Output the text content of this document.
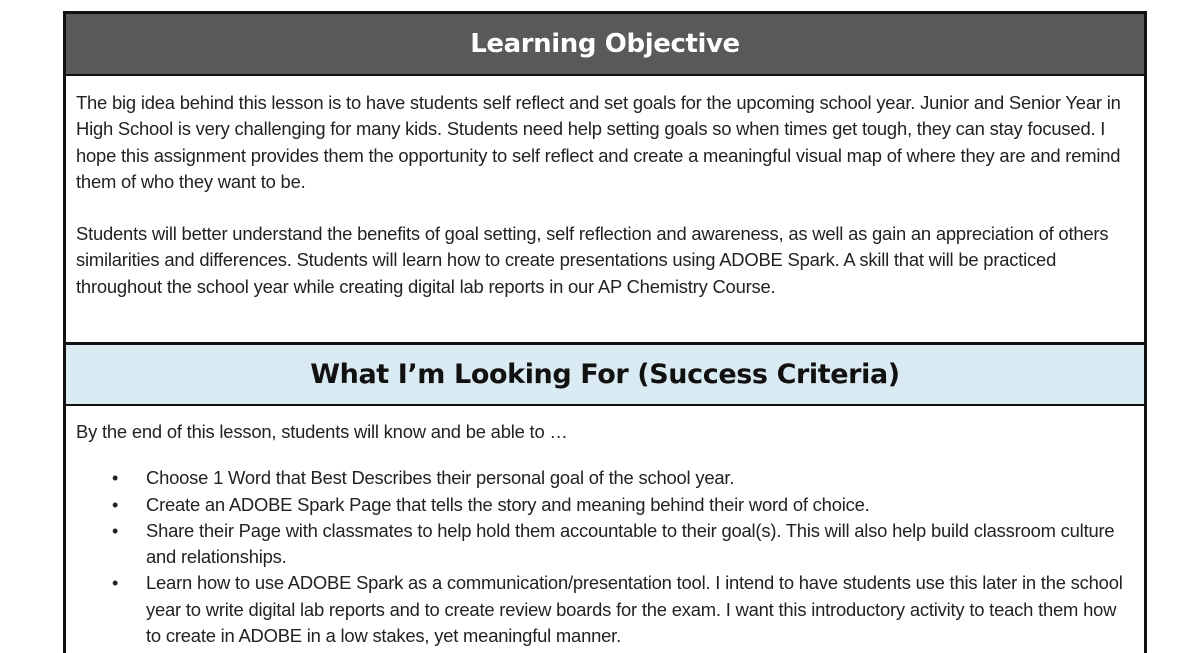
Learning Objective

The big idea behind this lesson is to have students self reflect and set goals for the upcoming school year. Junior and Senior Year in High School is very challenging for many kids. Students need help setting goals so when times get tough, they can stay focused. I hope this assignment provides them the opportunity to self reflect and create a meaningful visual map of where they are and remind them of who they want to be.

Students will better understand the benefits of goal setting, self reflection and awareness, as well as gain an appreciation of others similarities and differences. Students will learn how to create presentations using ADOBE Spark. A skill that will be practiced throughout the school year while creating digital lab reports in our AP Chemistry Course.

What I’m Looking For (Success Criteria)

By the end of this lesson, students will know and be able to …

• Choose 1 Word that Best Describes their personal goal of the school year.
• Create an ADOBE Spark Page that tells the story and meaning behind their word of choice.
• Share their Page with classmates to help hold them accountable to their goal(s). This will also help build classroom culture and relationships.
• Learn how to use ADOBE Spark as a communication/presentation tool. I intend to have students use this later in the school year to write digital lab reports and to create review boards for the exam. I want this introductory activity to teach them how to create in ADOBE in a low stakes, yet meaningful manner.
